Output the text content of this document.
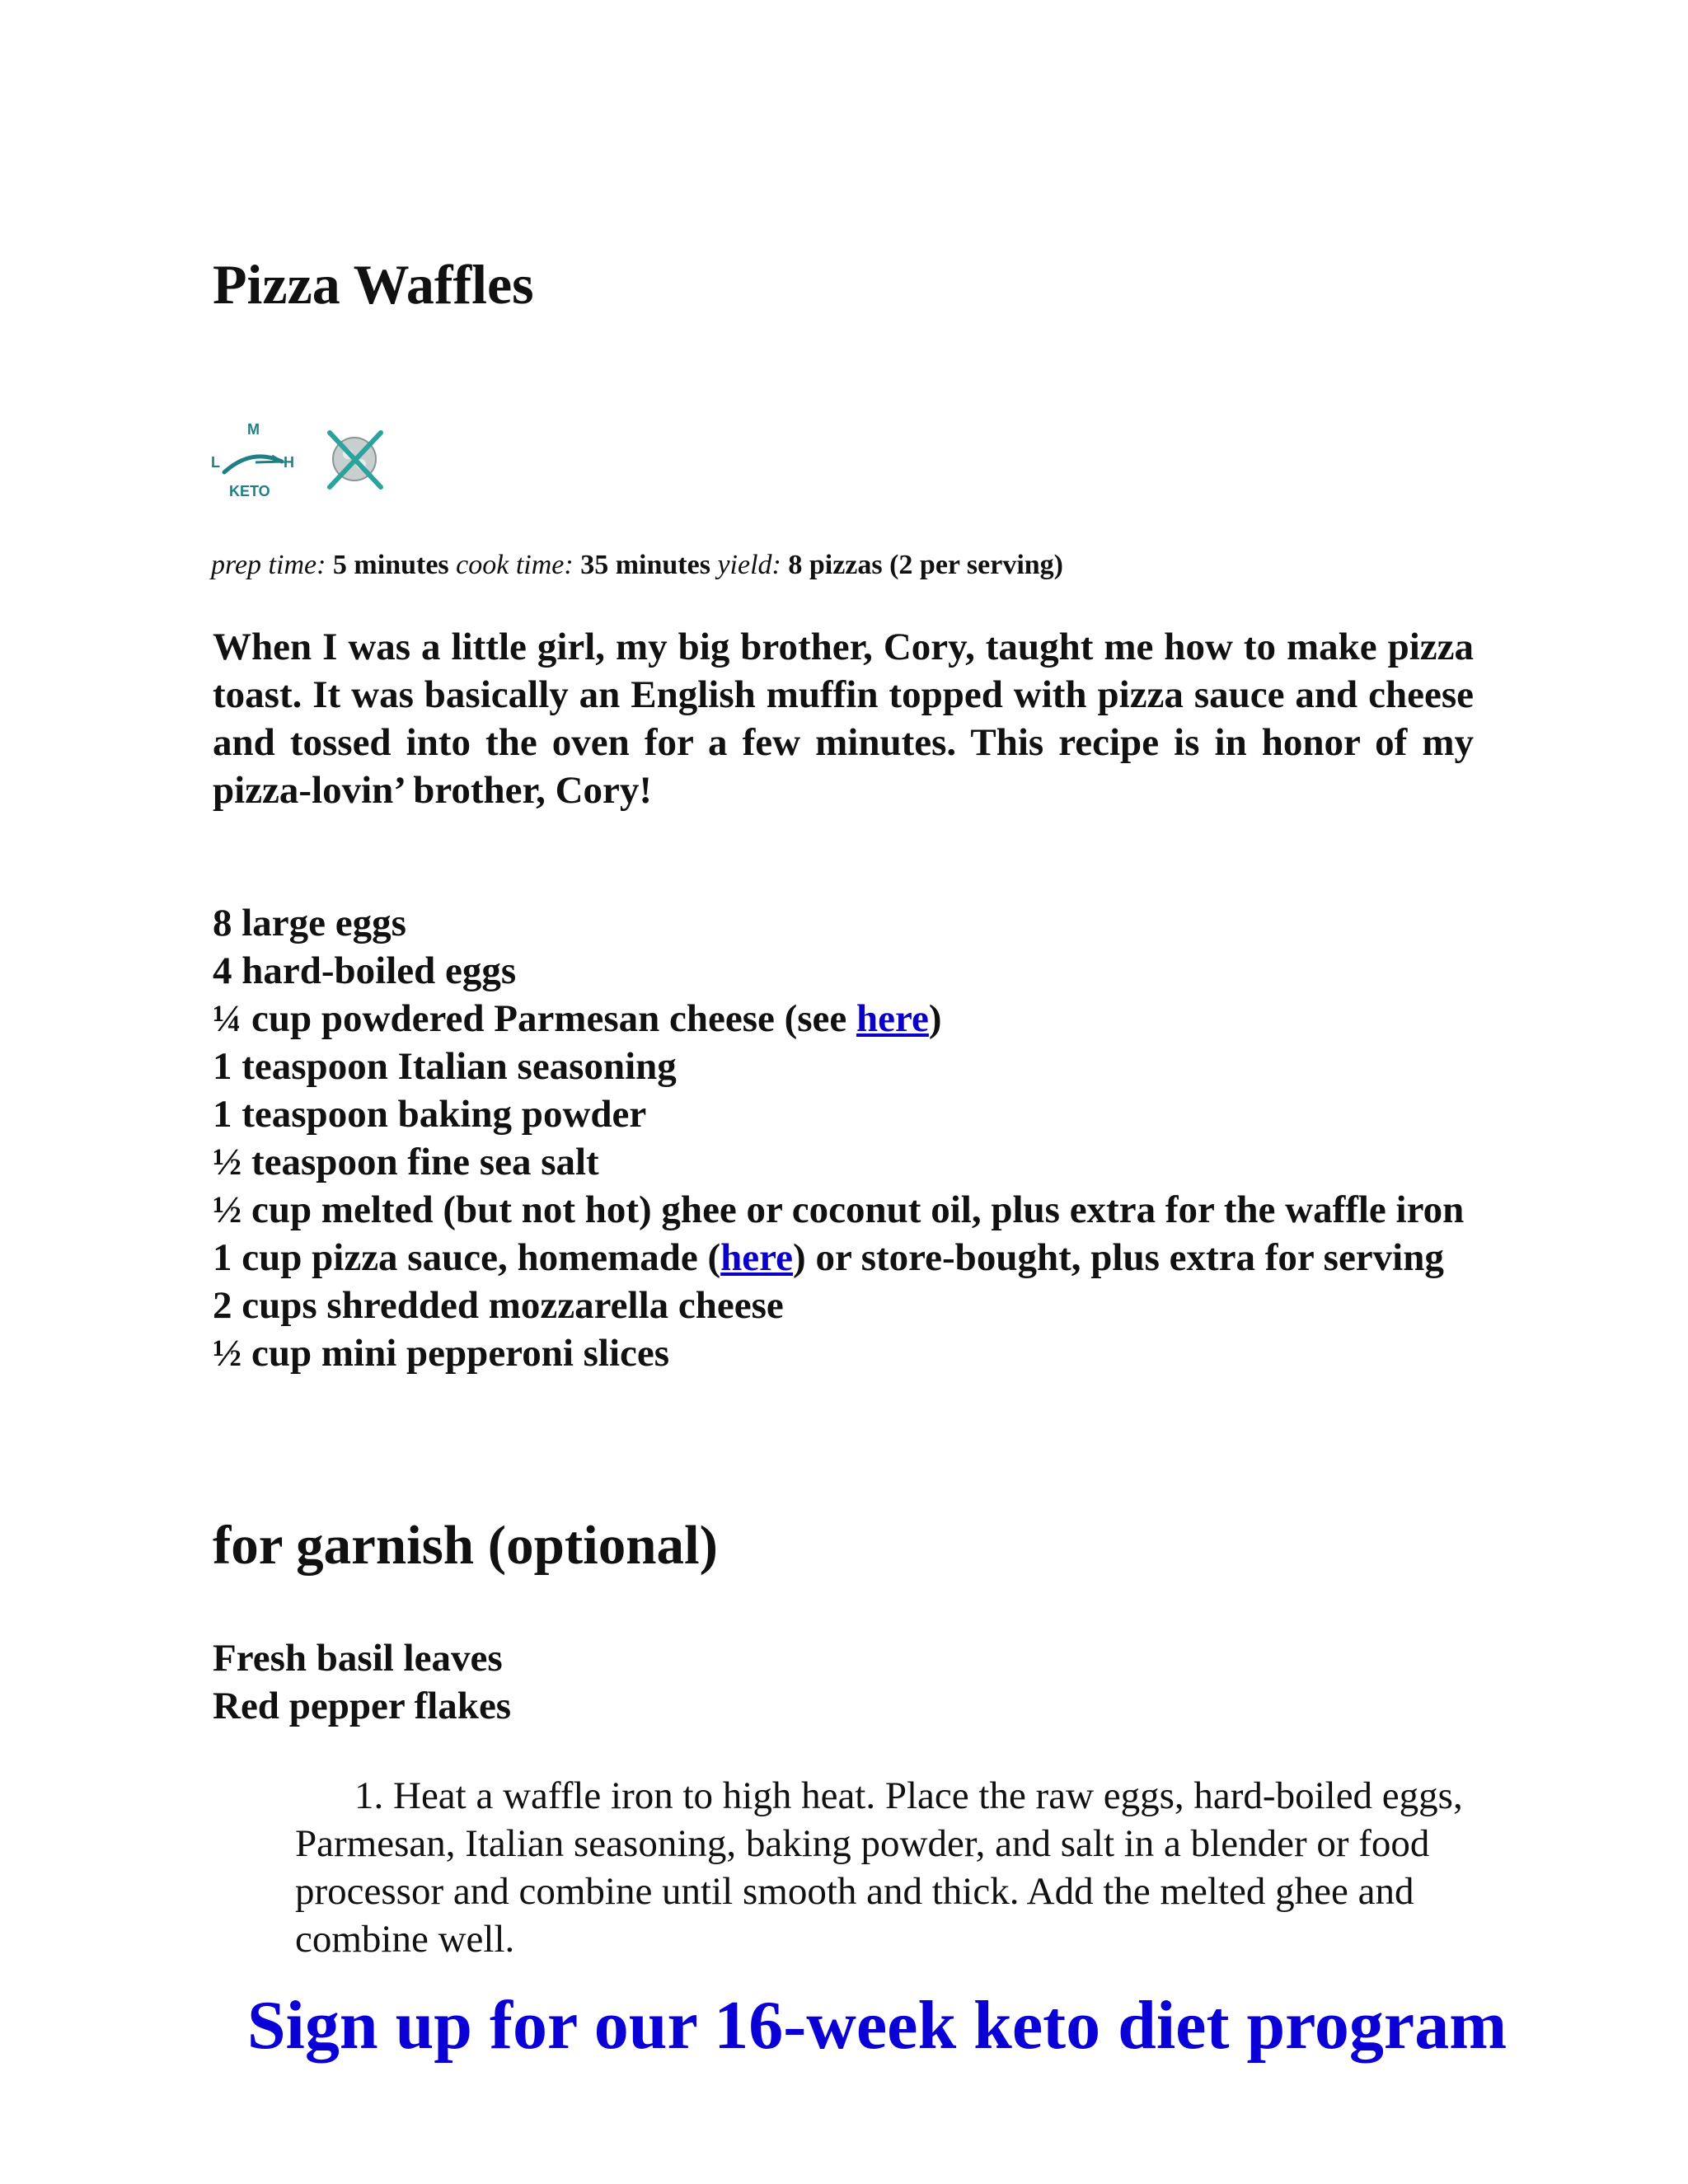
Pizza Waffles
M
L	H
KETO
prep time: 5 minutes cook time: 35 minutes yield: 8 pizzas (2 per serving)

When I was a little girl, my big brother, Cory, taught me how to make pizza toast. It was basically an English muffin topped with pizza sauce and cheese and tossed into the oven for a few minutes. This recipe is in honor of my pizza-lovin’ brother, Cory!

8 large eggs
4 hard-boiled eggs
¼ cup powdered Parmesan cheese (see here)
1 teaspoon Italian seasoning
1 teaspoon baking powder
½ teaspoon fine sea salt
½ cup melted (but not hot) ghee or coconut oil, plus extra for the waffle iron
1 cup pizza sauce, homemade (here) or store-bought, plus extra for serving
2 cups shredded mozzarella cheese
½ cup mini pepperoni slices
for garnish (optional)
Fresh basil leaves
Red pepper flakes

1. Heat a waffle iron to high heat. Place the raw eggs, hard-boiled eggs, Parmesan, Italian seasoning, baking powder, and salt in a blender or food processor and combine until smooth and thick. Add the melted ghee and combine well.

Sign up for our 16-week keto diet program
